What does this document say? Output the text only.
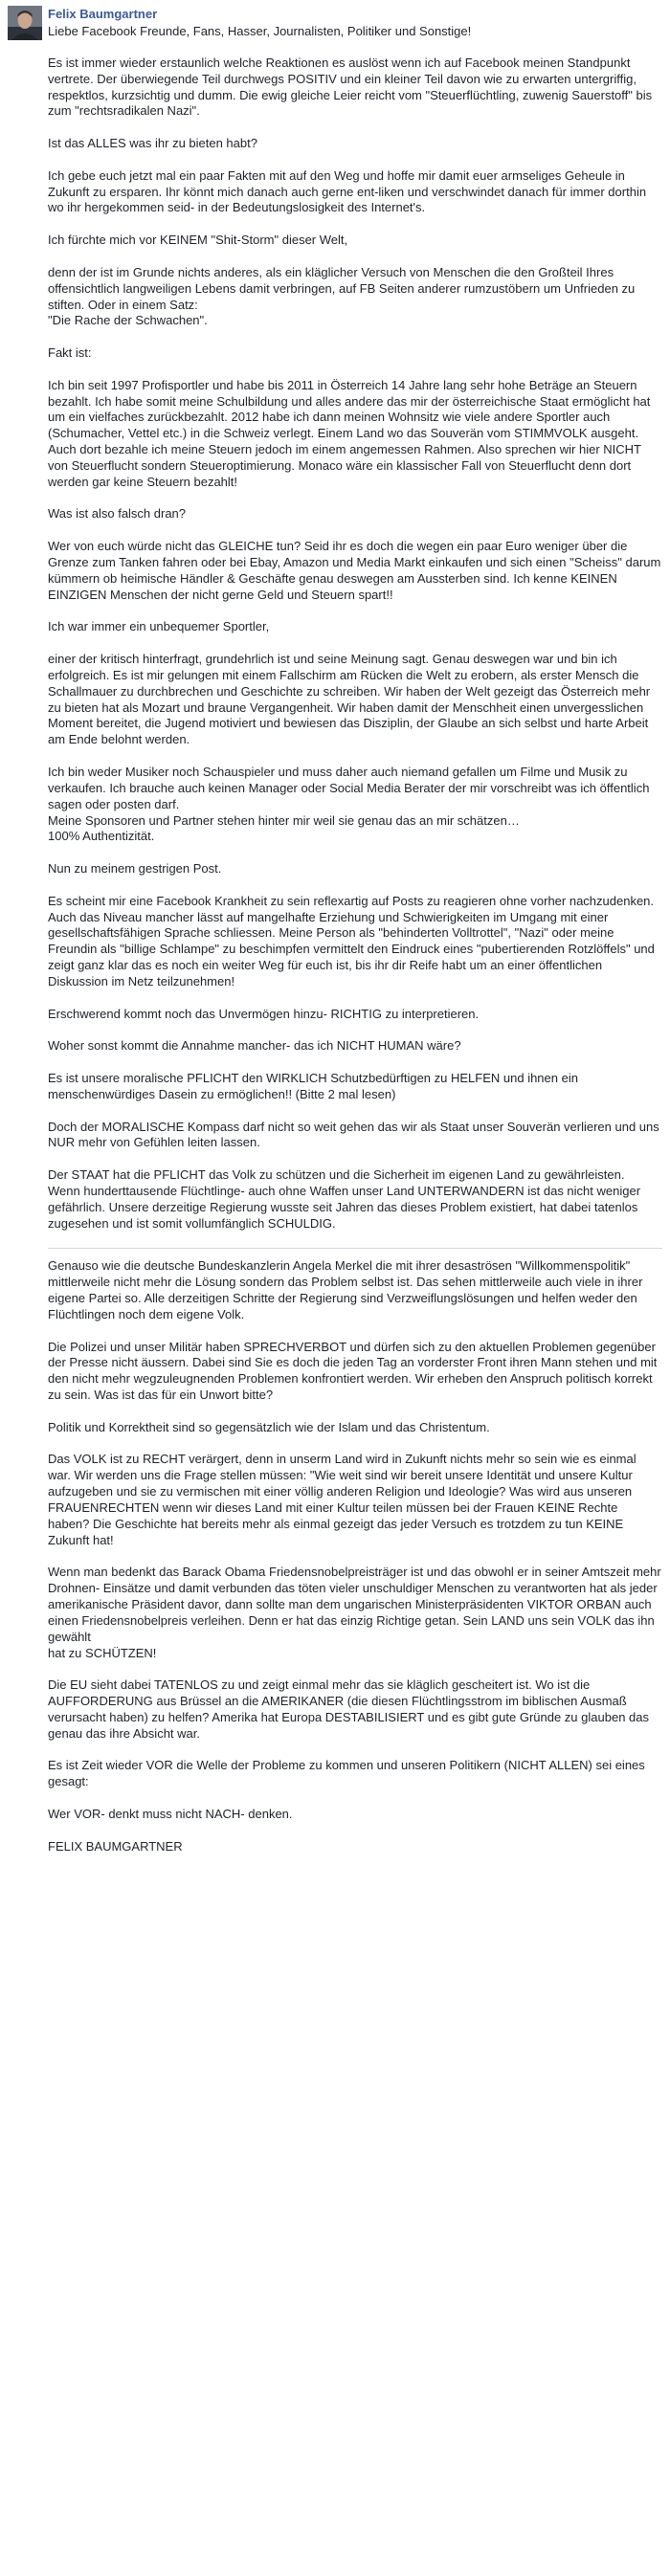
Felix Baumgartner

Liebe Facebook Freunde, Fans, Hasser, Journalisten, Politiker und Sonstige!

Es ist immer wieder erstaunlich welche Reaktionen es auslöst wenn ich auf Facebook meinen Standpunkt vertrete. Der überwiegende Teil durchwegs POSITIV und ein kleiner Teil davon wie zu erwarten untergriffig, respektlos, kurzsichtig und dumm. Die ewig gleiche Leier reicht vom "Steuerflüchtling, zuwenig Sauerstoff" bis zum "rechtsradikalen Nazi".

Ist das ALLES was ihr zu bieten habt?

Ich gebe euch jetzt mal ein paar Fakten mit auf den Weg und hoffe mir damit euer armseliges Geheule in Zukunft zu ersparen. Ihr könnt mich danach auch gerne ent-liken und verschwindet danach für immer dorthin wo ihr hergekommen seid- in der Bedeutungslosigkeit des Internet's.

Ich fürchte mich vor KEINEM "Shit-Storm" dieser Welt,

denn der ist im Grunde nichts anderes, als ein kläglicher Versuch von Menschen die den Großteil Ihres offensichtlich langweiligen Lebens damit verbringen, auf FB Seiten anderer rumzustöbern um Unfrieden zu stiften. Oder in einem Satz:
"Die Rache der Schwachen".

Fakt ist:

Ich bin seit 1997 Profisportler und habe bis 2011 in Österreich 14 Jahre lang sehr hohe Beträge an Steuern bezahlt. Ich habe somit meine Schulbildung und alles andere das mir der österreichische Staat ermöglicht hat um ein vielfaches zurückbezahlt. 2012 habe ich dann meinen Wohnsitz wie viele andere Sportler auch (Schumacher, Vettel etc.) in die Schweiz verlegt. Einem Land wo das Souverän vom STIMMVOLK ausgeht. Auch dort bezahle ich meine Steuern jedoch im einem angemessen Rahmen. Also sprechen wir hier NICHT von Steuerflucht sondern Steueroptimierung. Monaco wäre ein klassischer Fall von Steuerflucht denn dort werden gar keine Steuern bezahlt!

Was ist also falsch dran?

Wer von euch würde nicht das GLEICHE tun? Seid ihr es doch die wegen ein paar Euro weniger über die Grenze zum Tanken fahren oder bei Ebay, Amazon und Media Markt einkaufen und sich einen "Scheiss" darum kümmern ob heimische Händler & Geschäfte genau deswegen am Aussterben sind. Ich kenne KEINEN EINZIGEN Menschen der nicht gerne Geld und Steuern spart!!

Ich war immer ein unbequemer Sportler,

einer der kritisch hinterfragt, grundehrlich ist und seine Meinung sagt. Genau deswegen war und bin ich erfolgreich. Es ist mir gelungen mit einem Fallschirm am Rücken die Welt zu erobern, als erster Mensch die Schallmauer zu durchbrechen und Geschichte zu schreiben. Wir haben der Welt gezeigt das Österreich mehr zu bieten hat als Mozart und braune Vergangenheit. Wir haben damit der Menschheit einen unvergesslichen Moment bereitet, die Jugend motiviert und bewiesen das Disziplin, der Glaube an sich selbst und harte Arbeit am Ende belohnt werden.

Ich bin weder Musiker noch Schauspieler und muss daher auch niemand gefallen um Filme und Musik zu verkaufen. Ich brauche auch keinen Manager oder Social Media Berater der mir vorschreibt was ich öffentlich sagen oder posten darf.
Meine Sponsoren und Partner stehen hinter mir weil sie genau das an mir schätzen…
100% Authentizität.

Nun zu meinem gestrigen Post.

Es scheint mir eine Facebook Krankheit zu sein reflexartig auf Posts zu reagieren ohne vorher nachzudenken. Auch das Niveau mancher lässt auf mangelhafte Erziehung und Schwierigkeiten im Umgang mit einer gesellschaftsfähigen Sprache schliessen. Meine Person als "behinderten Volltrottel", "Nazi" oder meine Freundin als "billige Schlampe" zu beschimpfen vermittelt den Eindruck eines "pubertierenden Rotzlöffels" und zeigt ganz klar das es noch ein weiter Weg für euch ist, bis ihr dir Reife habt um an einer öffentlichen Diskussion im Netz teilzunehmen!

Erschwerend kommt noch das Unvermögen hinzu- RICHTIG zu interpretieren.

Woher sonst kommt die Annahme mancher- das ich NICHT HUMAN wäre?

Es ist unsere moralische PFLICHT den WIRKLICH Schutzbedürftigen zu HELFEN und ihnen ein menschenwürdiges Dasein zu ermöglichen!! (Bitte 2 mal lesen)

Doch der MORALISCHE Kompass darf nicht so weit gehen das wir als Staat unser Souverän verlieren und uns NUR mehr von Gefühlen leiten lassen.

Der STAAT hat die PFLICHT das Volk zu schützen und die Sicherheit im eigenen Land zu gewährleisten.
Wenn hunderttausende Flüchtlinge- auch ohne Waffen unser Land UNTERWANDERN ist das nicht weniger gefährlich. Unsere derzeitige Regierung wusste seit Jahren das dieses Problem existiert, hat dabei tatenlos zugesehen und ist somit vollumfänglich SCHULDIG.

Genauso wie die deutsche Bundeskanzlerin Angela Merkel die mit ihrer desaströsen "Willkommenspolitik" mittlerweile nicht mehr die Lösung sondern das Problem selbst ist. Das sehen mittlerweile auch viele in ihrer eigene Partei so. Alle derzeitigen Schritte der Regierung sind Verzweiflungslösungen und helfen weder den Flüchtlingen noch dem eigene Volk.

Die Polizei und unser Militär haben SPRECHVERBOT und dürfen sich zu den aktuellen Problemen gegenüber der Presse nicht äussern. Dabei sind Sie es doch die jeden Tag an vorderster Front ihren Mann stehen und mit den nicht mehr wegzuleugnenden Problemen konfrontiert werden. Wir erheben den Anspruch politisch korrekt zu sein. Was ist das für ein Unwort bitte?

Politik und Korrektheit sind so gegensätzlich wie der Islam und das Christentum.

Das VOLK ist zu RECHT verärgert, denn in unserm Land wird in Zukunft nichts mehr so sein wie es einmal war. Wir werden uns die Frage stellen müssen: "Wie weit sind wir bereit unsere Identität und unsere Kultur aufzugeben und sie zu vermischen mit einer völlig anderen Religion und Ideologie? Was wird aus unseren FRAUENRECHTEN wenn wir dieses Land mit einer Kultur teilen müssen bei der Frauen KEINE Rechte haben? Die Geschichte hat bereits mehr als einmal gezeigt das jeder Versuch es trotzdem zu tun KEINE Zukunft hat!

Wenn man bedenkt das Barack Obama Friedensnobelpreisträger ist und das obwohl er in seiner Amtszeit mehr Drohnen- Einsätze und damit verbunden das töten vieler unschuldiger Menschen zu verantworten hat als jeder amerikanische Präsident davor, dann sollte man dem ungarischen Ministerpräsidenten VIKTOR ORBAN auch einen Friedensnobelpreis verleihen. Denn er hat das einzig Richtige getan. Sein LAND uns sein VOLK das ihn gewählt
hat zu SCHÜTZEN!

Die EU sieht dabei TATENLOS zu und zeigt einmal mehr das sie kläglich gescheitert ist. Wo ist die AUFFORDERUNG aus Brüssel an die AMERIKANER (die diesen Flüchtlingsstrom im biblischen Ausmaß verursacht haben) zu helfen? Amerika hat Europa DESTABILISIERT und es gibt gute Gründe zu glauben das genau das ihre Absicht war.

Es ist Zeit wieder VOR die Welle der Probleme zu kommen und unseren Politikern (NICHT ALLEN) sei eines gesagt:

Wer VOR- denkt muss nicht NACH- denken.

FELIX BAUMGARTNER
